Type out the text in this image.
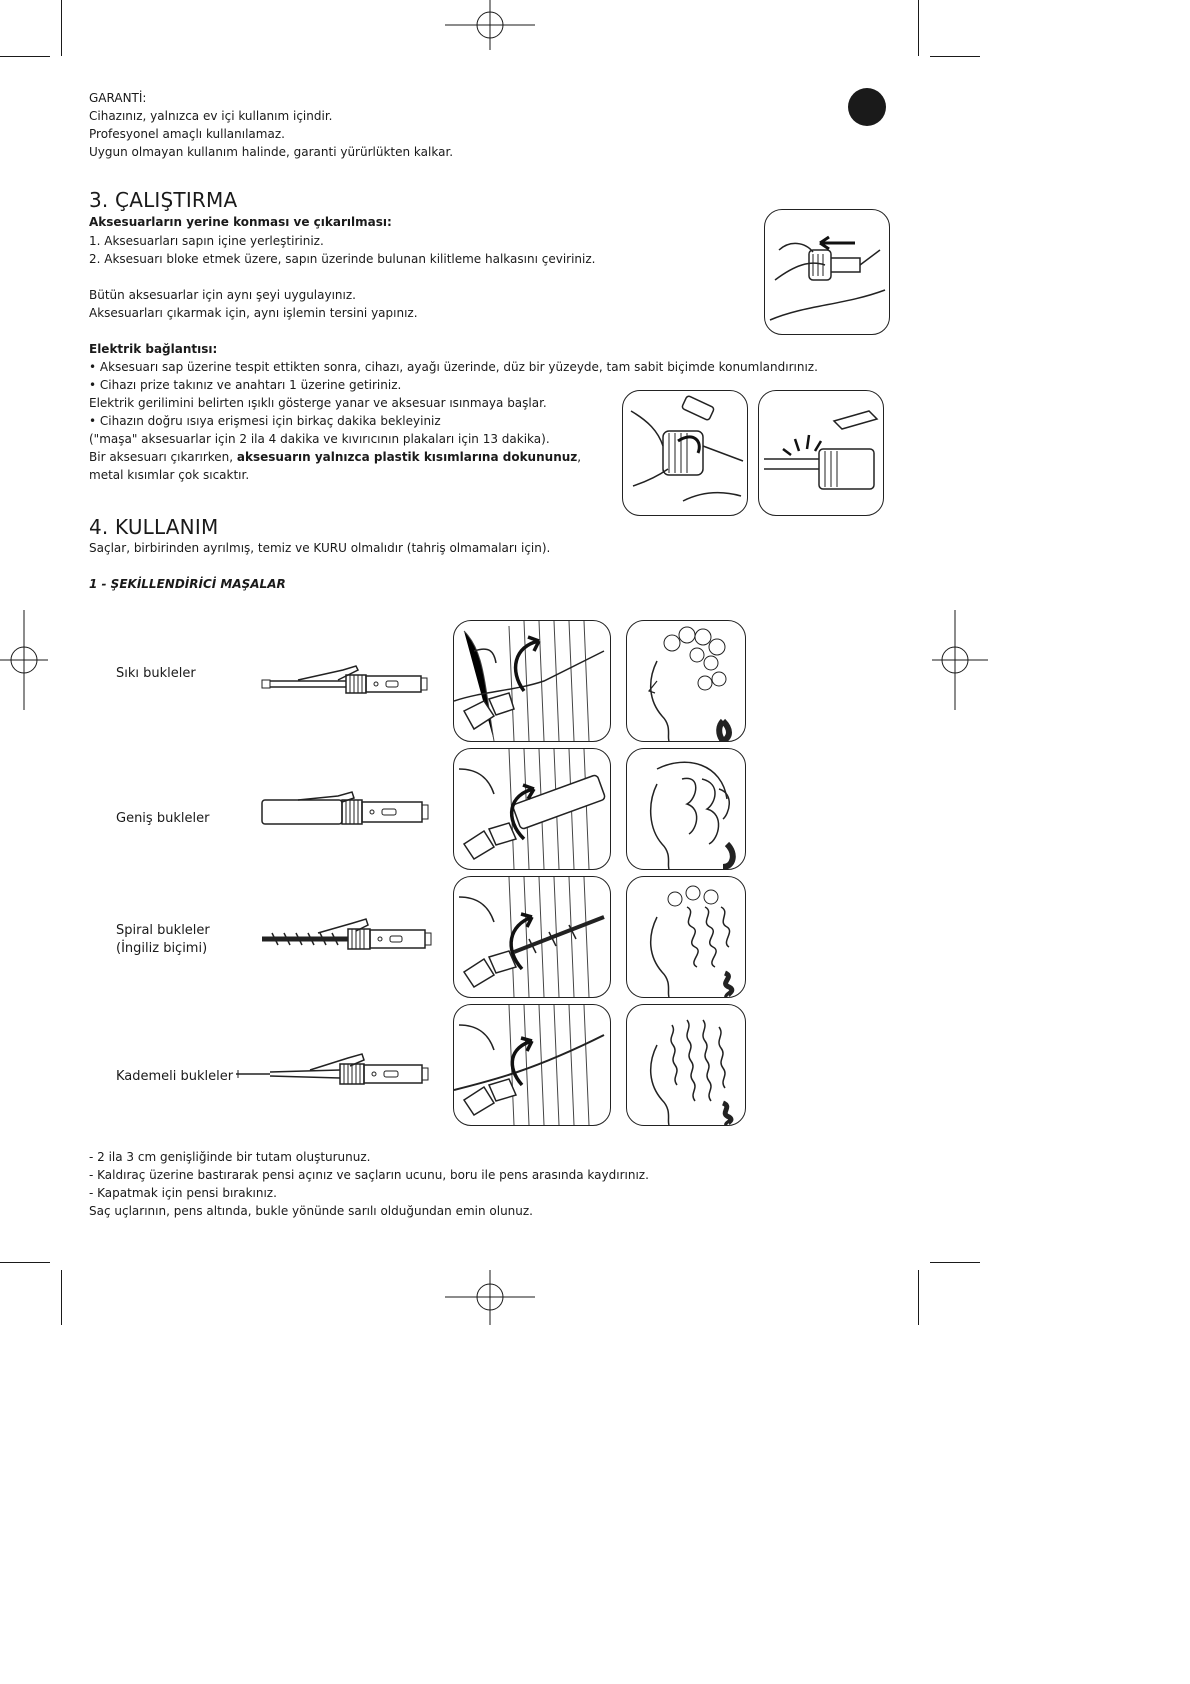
GARANTİ:
Cihazınız, yalnızca ev içi kullanım içindir.
Profesyonel amaçlı kullanılamaz.
Uygun olmayan kullanım halinde, garanti yürürlükten kalkar.
3. ÇALIŞTIRMA
Aksesuarların yerine konması ve çıkarılması:
1. Aksesuarları sapın içine yerleştiriniz.
2. Aksesuarı bloke etmek üzere, sapın üzerinde bulunan kilitleme halkasını çeviriniz.
Bütün aksesuarlar için aynı şeyi uygulayınız.
Aksesuarları çıkarmak için, aynı işlemin tersini yapınız.
Elektrik bağlantısı:
• Aksesuarı sap üzerine tespit ettikten sonra, cihazı, ayağı üzerinde, düz bir yüzeyde, tam sabit biçimde konumlandırınız.
• Cihazı prize takınız ve anahtarı 1 üzerine getiriniz.
Elektrik gerilimini belirten ışıklı gösterge yanar ve aksesuar ısınmaya başlar.
• Cihazın doğru ısıya erişmesi için birkaç dakika bekleyiniz
("maşa" aksesuarlar için 2 ila 4 dakika ve kıvırıcının plakaları için 13 dakika).
Bir aksesuarı çıkarırken, aksesuarın yalnızca plastik kısımlarına dokununuz,
metal kısımlar çok sıcaktır.
4. KULLANIM
Saçlar, birbirinden ayrılmış, temiz ve KURU olmalıdır (tahriş olmamaları için).
1 - ŞEKİLLENDİRİCİ MAŞALAR
Sıkı bukleler
Geniş bukleler
Spiral bukleler
(İngiliz biçimi)
Kademeli bukleler
- 2 ila 3 cm genişliğinde bir tutam oluşturunuz.
- Kaldıraç üzerine bastırarak pensi açınız ve saçların ucunu, boru ile pens arasında kaydırınız.
- Kapatmak için pensi bırakınız.
Saç uçlarının, pens altında, bukle yönünde sarılı olduğundan emin olunuz.
